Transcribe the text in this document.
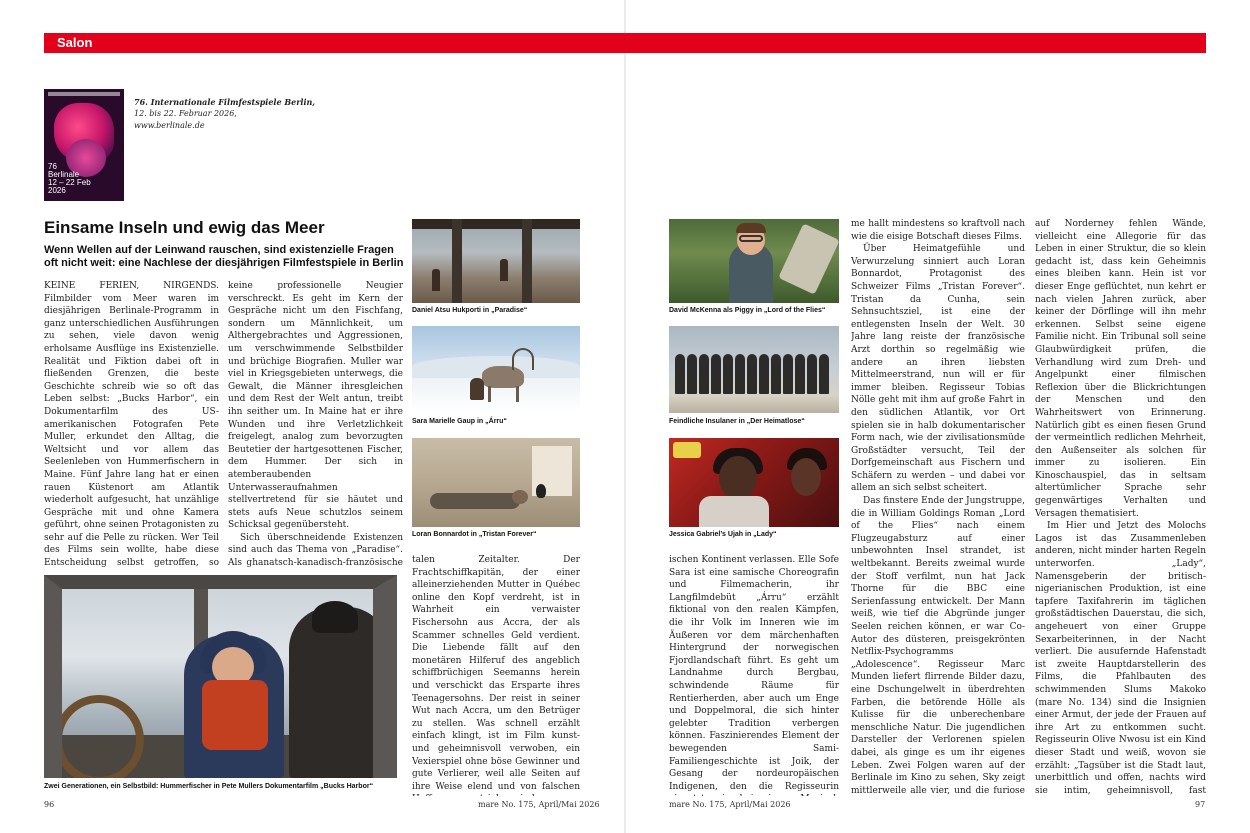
Salon
76
Berlinale
12 – 22 Feb
2026
76. Internationale Filmfestspiele Berlin,
12. bis 22. Februar 2026,
www.berlinale.de
Einsame Inseln und ewig das Meer

Wenn Wellen auf der Leinwand rauschen, sind existenzielle Fragen oft nicht weit: eine Nachlese der diesjährigen Filmfestspiele in Berlin

KEINE FERIEN, NIRGENDS. Filmbilder vom Meer waren im diesjährigen Berlinale-Programm in ganz unterschiedlichen Ausführungen zu sehen, viele davon wenig erholsame Ausflüge ins Existenzielle. Realität und Fiktion dabei oft in fließenden Grenzen, die beste Geschichte schreib wie so oft das Leben selbst: „Bucks Harbor“, ein Dokumentarfilm des US-amerikanischen Fotografen Pete Muller, erkundet den Alltag, die Weltsicht und vor allem das Seelenleben von Hummerfischern in Maine. Fünf Jahre lang hat er einen rauen Küstenort am Atlantik wiederholt aufgesucht, hat unzählige Gespräche mit und ohne Kamera geführt, ohne seinen Protagonisten zu sehr auf die Pelle zu rücken. Wer Teil des Films sein wollte, habe diese Entscheidung selbst getroffen, so

keine professionelle Neugier verschreckt. Es geht im Kern der Gespräche nicht um den Fischfang, sondern um Männlichkeit, um Althergebrachtes und Aggressionen, um verschwimmende Selbstbilder und brüchige Biografien. Muller war viel in Kriegsgebieten unterwegs, die Gewalt, die Männer ihresgleichen und dem Rest der Welt antun, treibt ihn seither um. In Maine hat er ihre Wunden und ihre Verletzlichkeit freigelegt, analog zum bevorzugten Beutetier der hartgesottenen Fischer, dem Hummer. Der sich in atemberaubenden Unterwasseraufnahmen stellvertretend für sie häutet und stets aufs Neue schutzlos seinem Schicksal gegenübersteht.

Sich überschneidende Existenzen sind auch das Thema von „Paradise“. Als ghanatsch-kanadisch-französische talen Zeitalter. Der Frachtschiffkapitän, der einer alleinerziehenden Mutter in Québec online den Kopf verdreht, ist in Wahrheit ein verwaister Fischersohn aus Accra, der als Scammer schnelles Geld verdient. Die Liebende fällt auf den monetären Hilferuf des angeblich schiffbrüchigen Seemanns herein und verschickt das Ersparte ihres Teenagersohns. Der reist in seiner Wut nach Accra, um den Betrüger zu stellen. Was schnell erzählt einfach klingt, ist im Film kunst- und geheimnisvoll verwoben, ein Vexierspiel ohne böse Gewinner und gute Verlierer, weil alle Seiten auf ihre Weise elend und von falschen

ischen Kontinent verlassen. Elle Sofe Sara ist eine samische Choreografin und Filmemacherin, ihr Langfilmdebüt „Árru“ erzählt fiktional von den realen Kämpfen, die ihr Volk im Inneren wie im Äußeren vor dem märchenhaften Hintergrund der norwegischen Fjordlandschaft führt. Es geht um Landnahme durch Bergbau, schwindende Räume für Rentierherden, aber auch um Enge und Doppelmoral, die sich hinter gelebter Tradition verbergen können. Faszinierendes Element der bewegenden Sami-Familiengeschichte ist Joik, der Gesang der nordeuropäischen Indigenen, den die Regisseurin

me hallt mindestens so kraftvoll nach wie die eisige Botschaft dieses Films.

Über Heimatgefühle und Verwurzelung sinniert auch Loran Bonnardot, Protagonist des Schweizer Films „Tristan Forever“. Tristan da Cunha, sein Sehnsuchtsziel, ist eine der entlegensten Inseln der Welt. 30 Jahre lang reiste der französische Arzt dorthin so regelmäßig wie andere an ihren liebsten Mittelmeerstrand, nun will er für immer bleiben. Regisseur Tobias Nölle geht mit ihm auf große Fahrt in den südlichen Atlantik, vor Ort spielen sie in halb dokumentarischer Form nach, wie der zivilisationsmüde Großstädter versucht, Teil der Dorfgemeinschaft aus Fischern und Schäfern zu werden – und dabei vor allem an sich selbst scheitert.

Das finstere Ende der Jungstruppe, die in William Goldings Roman „Lord of the Flies“ nach einem Flugzeugabsturz auf einer unbewohnten Insel strandet, ist weltbekannt. Bereits zweimal wurde der Stoff verfilmt, nun hat Jack Thorne für die BBC eine Serienfassung entwickelt. Der Mann weiß, wie tief die Abgründe junger Seelen reichen können, er war Co-Autor des düsteren, preisgekrönten Netflix-Psychogramms „Adolescence“. Regisseur Marc Munden liefert flirrende Bilder dazu, eine Dschungelwelt in überdrehten Farben, die betörende Hölle als Kulisse für die unberechenbare menschliche Natur. Die jugendlichen Darsteller der Verlorenen spielen dabei, als ginge es um ihr eigenes Leben. Zwei Folgen waren auf der Berlinale im Kino zu sehen, Sky zeigt mittlerweile alle vier, und die furiose

auf Norderney fehlen Wände, vielleicht eine Allegorie für das Leben in einer Struktur, die so klein gedacht ist, dass kein Geheimnis eines bleiben kann. Hein ist vor dieser Enge geflüchtet, nun kehrt er nach vielen Jahren zurück, aber keiner der Dörflinge will ihn mehr erkennen. Selbst seine eigene Familie nicht. Ein Tribunal soll seine Glaubwürdigkeit prüfen, die Verhandlung wird zum Dreh- und Angelpunkt einer filmischen Reflexion über die Blickrichtungen der Menschen und den Wahrheitswert von Erinnerung. Natürlich gibt es einen fiesen Grund der vermeintlich redlichen Mehrheit, den Außenseiter als solchen für immer zu isolieren. Ein Kinoschauspiel, das in seltsam altertümlicher Sprache sehr gegenwärtiges Verhalten und Versagen thematisiert.

Im Hier und Jetzt des Molochs Lagos ist das Zusammenleben anderen, nicht minder harten Regeln unterworfen. „Lady“, Namensgeberin der britisch-nigerianischen Produktion, ist eine tapfere Taxifahrerin im täglichen großstädtischen Dauerstau, die sich, angeheuert von einer Gruppe Sexarbeiterinnen, in der Nacht verliert. Die ausufernde Hafenstadt ist zweite Hauptdarstellerin des Films, die Pfahlbauten des schwimmenden Slums Makoko (mare No. 134) sind die Insignien einer Armut, der jede der Frauen auf ihre Art zu entkommen sucht. Regisseurin Olive Nwosu ist ein Kind dieser Stadt und weiß, wovon sie erzählt: „Tagsüber ist die Stadt laut, unerbittlich und offen, nachts wird sie intim, geheimnisvoll, fast

Daniel Atsu Hukporti in „Paradise“
Sara Marielle Gaup in „Árru“
Loran Bonnardot in „Tristan Forever“
Zwei Generationen, ein Selbstbild: Hummerfischer in Pete Mullers Dokumentarfilm „Bucks Harbor“
David McKenna als Piggy in „Lord of the Flies“
Feindliche Insulaner in „Der Heimatlose“
Jessica Gabriel’s Ujah in „Lady“
96	mare No. 175, April/Mai 2026	mare No. 175, April/Mai 2026	97
